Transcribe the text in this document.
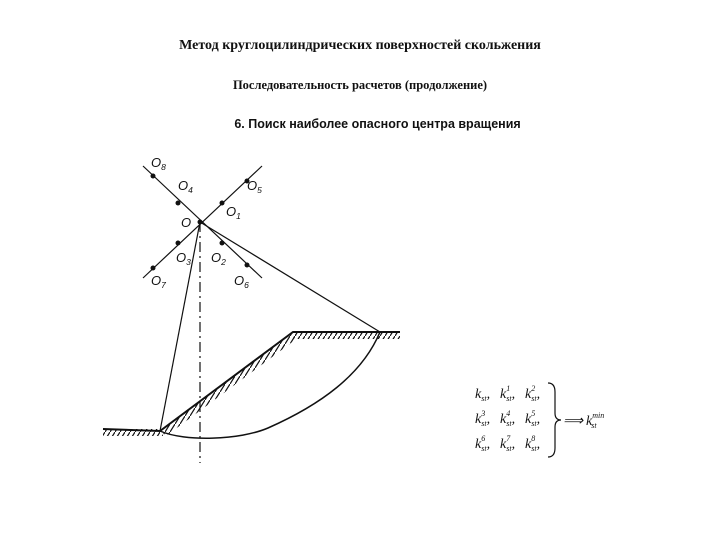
Метод круглоцилиндрических поверхностей скольжения
Последовательность расчетов (продолжение)
6. Поиск наиболее опасного центра вращения
O
$O_1$
$O_2$
$O_3$
$O_4$	$O_5$
$O_6$
$O_7$
$O_8$
$k_{st}$, $k^1$ st, $k^2$ st,
$k^3$ st, $k^4$ st, $k^5$ st,
$k^6$ st, $k^7$ st, $k^8$ st,
⟹ $k^{min}$ st
